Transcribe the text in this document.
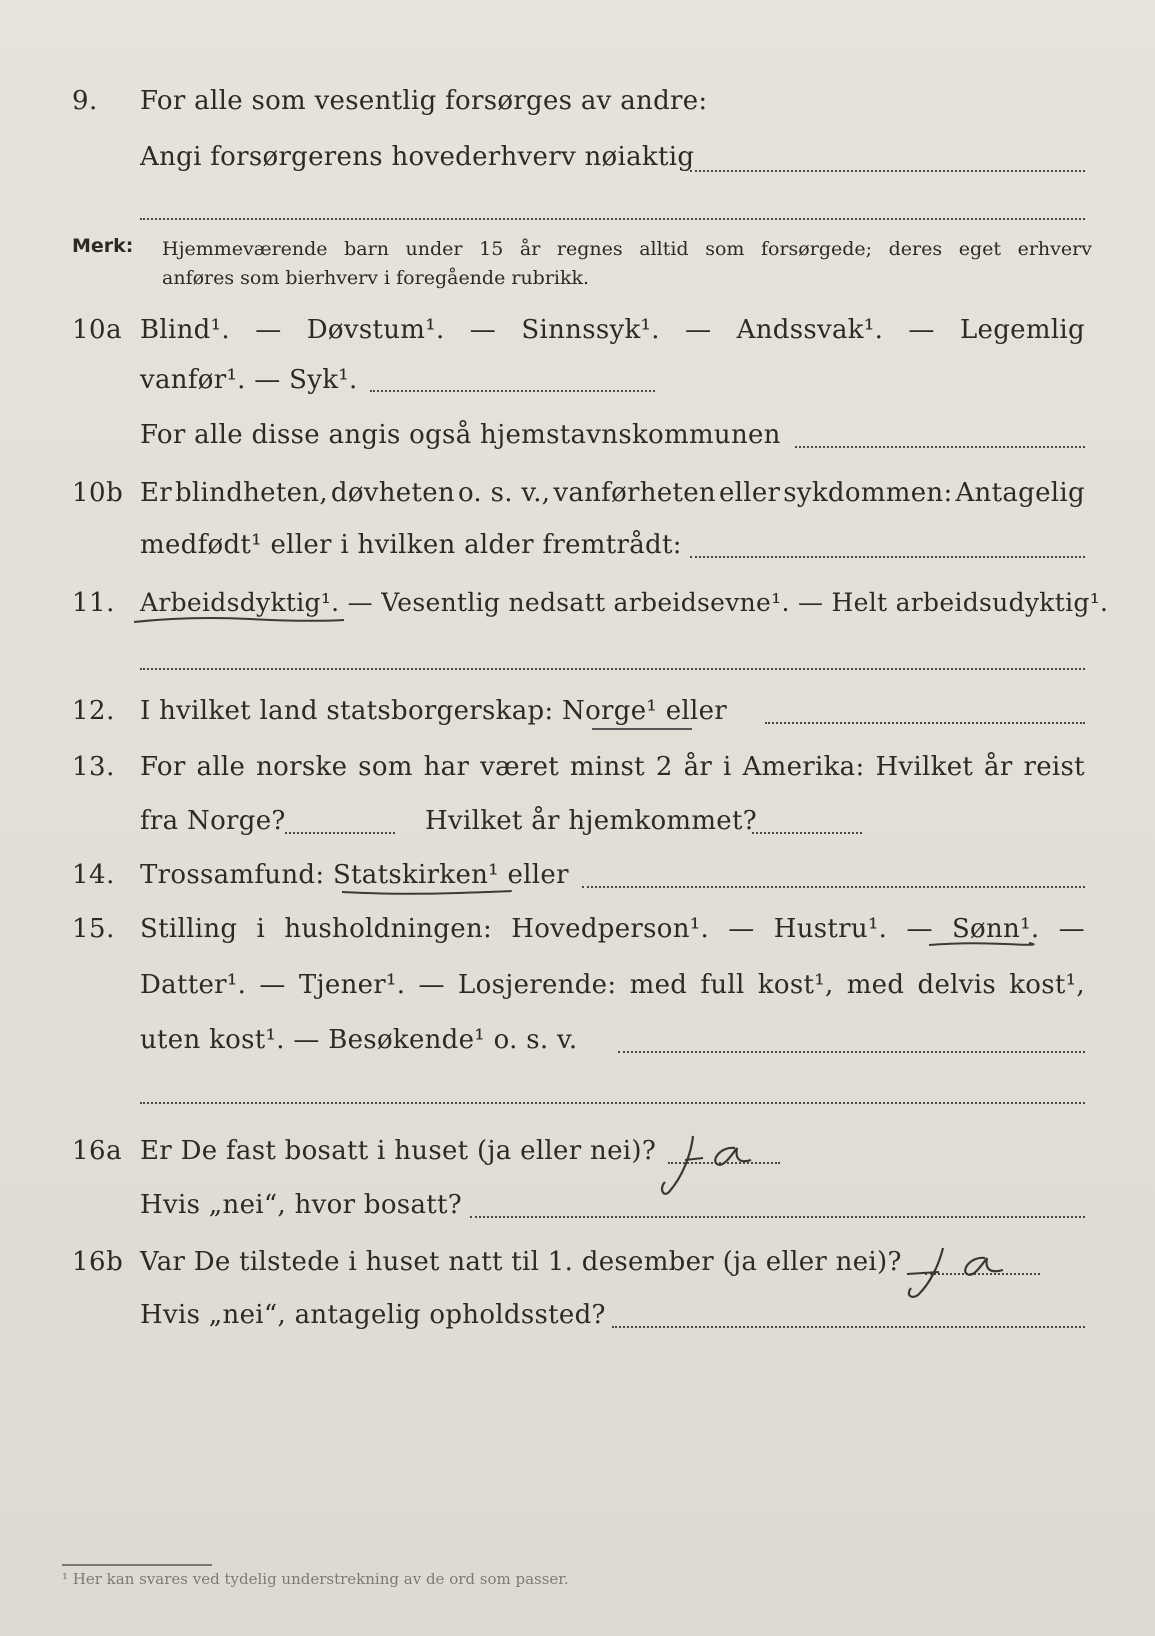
9.	For alle som vesentlig forsørges av andre:
Angi forsørgerens hovederhverv nøiaktig
Merk: Hjemmeværende barn under 15 år regnes alltid som forsørgede; deres eget erhverv
anføres som bierhverv i foregående rubrikk.
10a Blind¹. — Døvstum¹. — Sinnssyk¹. — Andssvak¹. — Legemlig
vanfør¹. — Syk¹.
For alle disse angis også hjemstavnskommunen
10b Er blindheten, døvheten o. s. v., vanførheten eller sykdommen: Antagelig
medfødt¹ eller i hvilken alder fremtrådt:
11.	Arbeidsdyktig¹. — Vesentlig nedsatt arbeidsevne¹. — Helt arbeidsudyktig¹.
12. I hvilket land statsborgerskap: Norge¹ eller
13. For alle norske som har været minst 2 år i Amerika: Hvilket år reist
fra Norge?	Hvilket år hjemkommet?
14. Trossamfund: Statskirken¹ eller
15. Stilling i husholdningen: Hovedperson¹. — Hustru¹. — Sønn¹. —
Datter¹. — Tjener¹. — Losjerende: med full kost¹, med delvis kost¹,
uten kost¹. — Besøkende¹ o. s. v.
16a Er De fast bosatt i huset (ja eller nei)?
Hvis „nei“, hvor bosatt?
16b Var De tilstede i huset natt til 1. desember (ja eller nei)?
Hvis „nei“, antagelig opholdssted?
¹ Her kan svares ved tydelig understrekning av de ord som passer.
